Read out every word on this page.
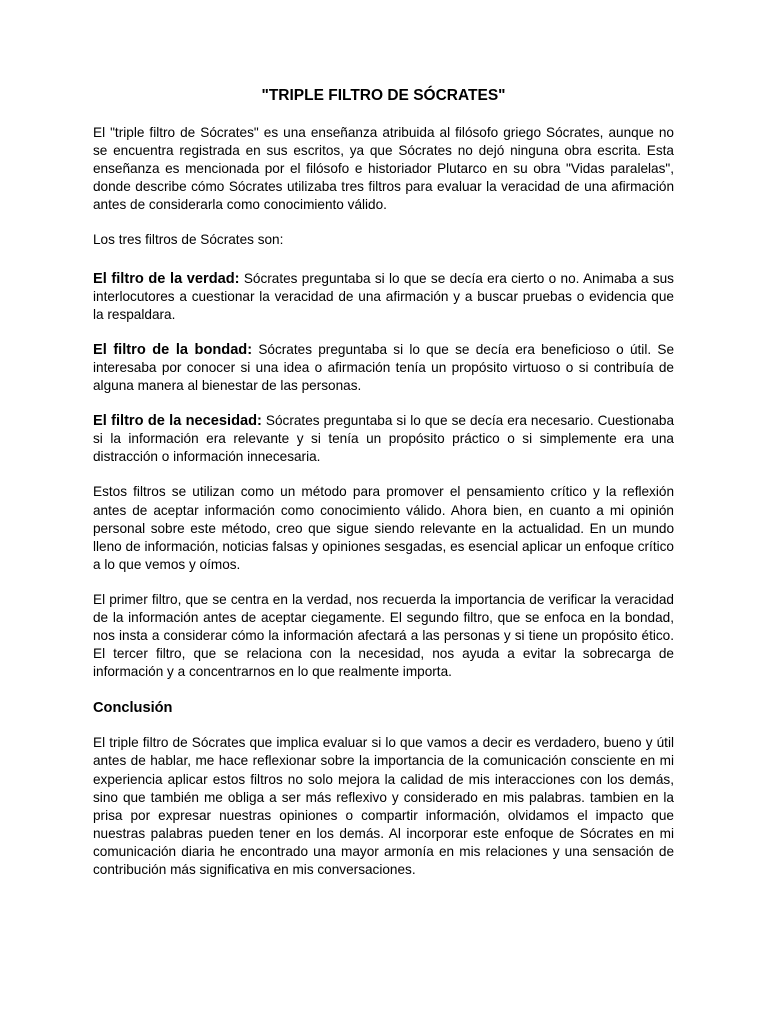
"TRIPLE FILTRO DE SÓCRATES"

El "triple filtro de Sócrates" es una enseñanza atribuida al filósofo griego Sócrates, aunque no se encuentra registrada en sus escritos, ya que Sócrates no dejó ninguna obra escrita. Esta enseñanza es mencionada por el filósofo e historiador Plutarco en su obra "Vidas paralelas", donde describe cómo Sócrates utilizaba tres filtros para evaluar la veracidad de una afirmación antes de considerarla como conocimiento válido.

Los tres filtros de Sócrates son:

El filtro de la verdad: Sócrates preguntaba si lo que se decía era cierto o no. Animaba a sus interlocutores a cuestionar la veracidad de una afirmación y a buscar pruebas o evidencia que la respaldara.

El filtro de la bondad: Sócrates preguntaba si lo que se decía era beneficioso o útil. Se interesaba por conocer si una idea o afirmación tenía un propósito virtuoso o si contribuía de alguna manera al bienestar de las personas.

El filtro de la necesidad: Sócrates preguntaba si lo que se decía era necesario. Cuestionaba si la información era relevante y si tenía un propósito práctico o si simplemente era una distracción o información innecesaria.

Estos filtros se utilizan como un método para promover el pensamiento crítico y la reflexión antes de aceptar información como conocimiento válido. Ahora bien, en cuanto a mi opinión personal sobre este método, creo que sigue siendo relevante en la actualidad. En un mundo lleno de información, noticias falsas y opiniones sesgadas, es esencial aplicar un enfoque crítico a lo que vemos y oímos.

El primer filtro, que se centra en la verdad, nos recuerda la importancia de verificar la veracidad de la información antes de aceptar ciegamente. El segundo filtro, que se enfoca en la bondad, nos insta a considerar cómo la información afectará a las personas y si tiene un propósito ético. El tercer filtro, que se relaciona con la necesidad, nos ayuda a evitar la sobrecarga de información y a concentrarnos en lo que realmente importa.

Conclusión

El triple filtro de Sócrates que implica evaluar si lo que vamos a decir es verdadero, bueno y útil antes de hablar, me hace reflexionar sobre la importancia de la comunicación consciente en mi experiencia aplicar estos filtros no solo mejora la calidad de mis interacciones con los demás, sino que también me obliga a ser más reflexivo y considerado en mis palabras. tambien en la prisa por expresar nuestras opiniones o compartir información, olvidamos el impacto que nuestras palabras pueden tener en los demás. Al incorporar este enfoque de Sócrates en mi comunicación diaria he encontrado una mayor armonía en mis relaciones y una sensación de contribución más significativa en mis conversaciones.
